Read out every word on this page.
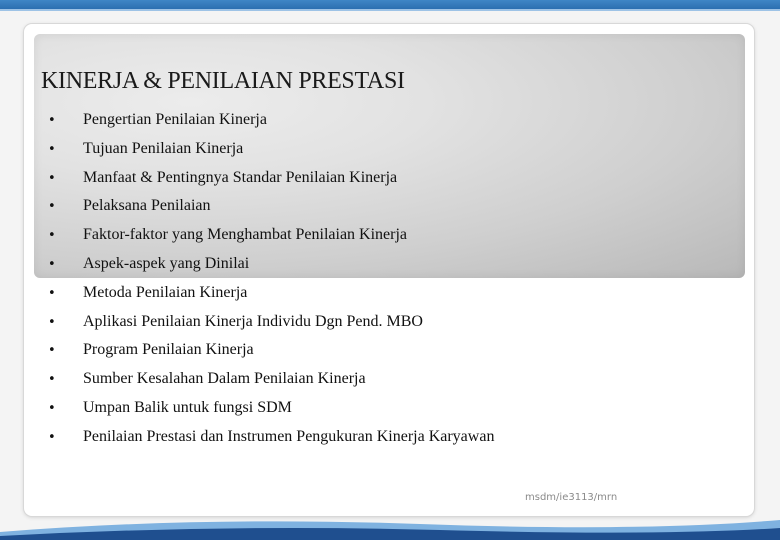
KINERJA & PENILAIAN PRESTASI
•	Pengertian Penilaian Kinerja
•	Tujuan Penilaian Kinerja
•	Manfaat & Pentingnya Standar Penilaian Kinerja
•	Pelaksana Penilaian
•	Faktor-faktor yang Menghambat Penilaian Kinerja
•	Aspek-aspek yang Dinilai
•	Metoda Penilaian Kinerja
•	Aplikasi Penilaian Kinerja Individu Dgn Pend. MBO
•	Program Penilaian Kinerja
•	Sumber Kesalahan Dalam Penilaian Kinerja
•	Umpan Balik untuk fungsi SDM
•	Penilaian Prestasi dan Instrumen Pengukuran Kinerja Karyawan
msdm/ie3113/mrn
